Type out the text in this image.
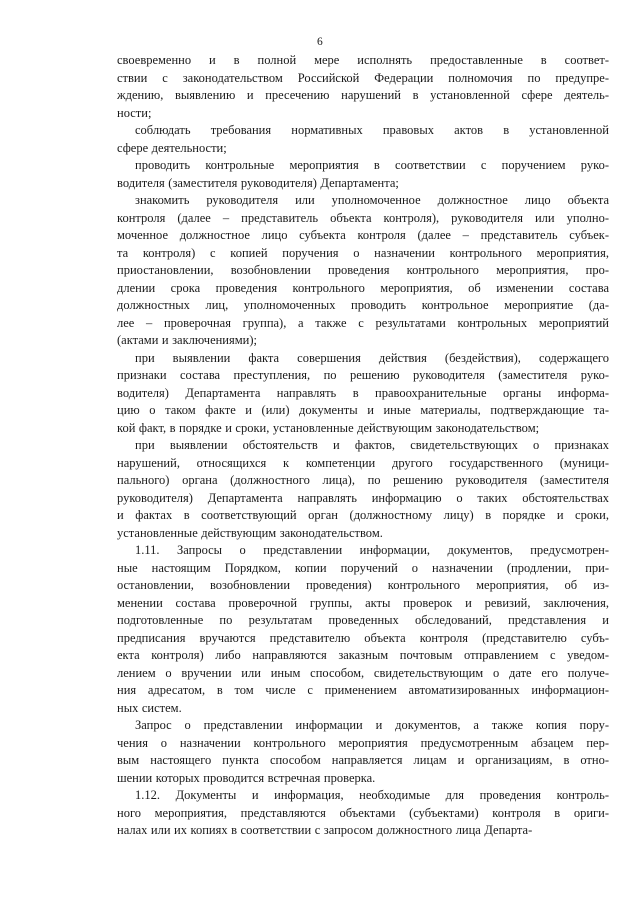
6
своевременно и в полной мере исполнять предоставленные в соответ-
ствии с законодательством Российской Федерации полномочия по предупре-
ждению, выявлению и пресечению нарушений в установленной сфере деятель-
ности;
соблюдать требования нормативных правовых актов в установленной
сфере деятельности;
проводить контрольные мероприятия в соответствии с поручением руко-
водителя (заместителя руководителя) Департамента;
знакомить руководителя или уполномоченное должностное лицо объекта
контроля (далее – представитель объекта контроля), руководителя или уполно-
моченное должностное лицо субъекта контроля (далее – представитель субъек-
та контроля) с копией поручения о назначении контрольного мероприятия,
приостановлении, возобновлении проведения контрольного мероприятия, про-
длении срока проведения контрольного мероприятия, об изменении состава
должностных лиц, уполномоченных проводить контрольное мероприятие (да-
лее – проверочная группа), а также с результатами контрольных мероприятий
(актами и заключениями);
при выявлении факта совершения действия (бездействия), содержащего
признаки состава преступления, по решению руководителя (заместителя руко-
водителя) Департамента направлять в правоохранительные органы информа-
цию о таком факте и (или) документы и иные материалы, подтверждающие та-
кой факт, в порядке и сроки, установленные действующим законодательством;
при выявлении обстоятельств и фактов, свидетельствующих о признаках
нарушений, относящихся к компетенции другого государственного (муници-
пального) органа (должностного лица), по решению руководителя (заместителя
руководителя) Департамента направлять информацию о таких обстоятельствах
и фактах в соответствующий орган (должностному лицу) в порядке и сроки,
установленные действующим законодательством.
1.11. Запросы о представлении информации, документов, предусмотрен-
ные настоящим Порядком, копии поручений о назначении (продлении, при-
остановлении, возобновлении проведения) контрольного мероприятия, об из-
менении состава проверочной группы, акты проверок и ревизий, заключения,
подготовленные по результатам проведенных обследований, представления и
предписания вручаются представителю объекта контроля (представителю субъ-
екта контроля) либо направляются заказным почтовым отправлением с уведом-
лением о вручении или иным способом, свидетельствующим о дате его получе-
ния адресатом, в том числе с применением автоматизированных информацион-
ных систем.
Запрос о представлении информации и документов, а также копия пору-
чения о назначении контрольного мероприятия предусмотренным абзацем пер-
вым настоящего пункта способом направляется лицам и организациям, в отно-
шении которых проводится встречная проверка.
1.12. Документы и информация, необходимые для проведения контроль-
ного мероприятия, представляются объектами (субъектами) контроля в ориги-
налах или их копиях в соответствии с запросом должностного лица Департа-
